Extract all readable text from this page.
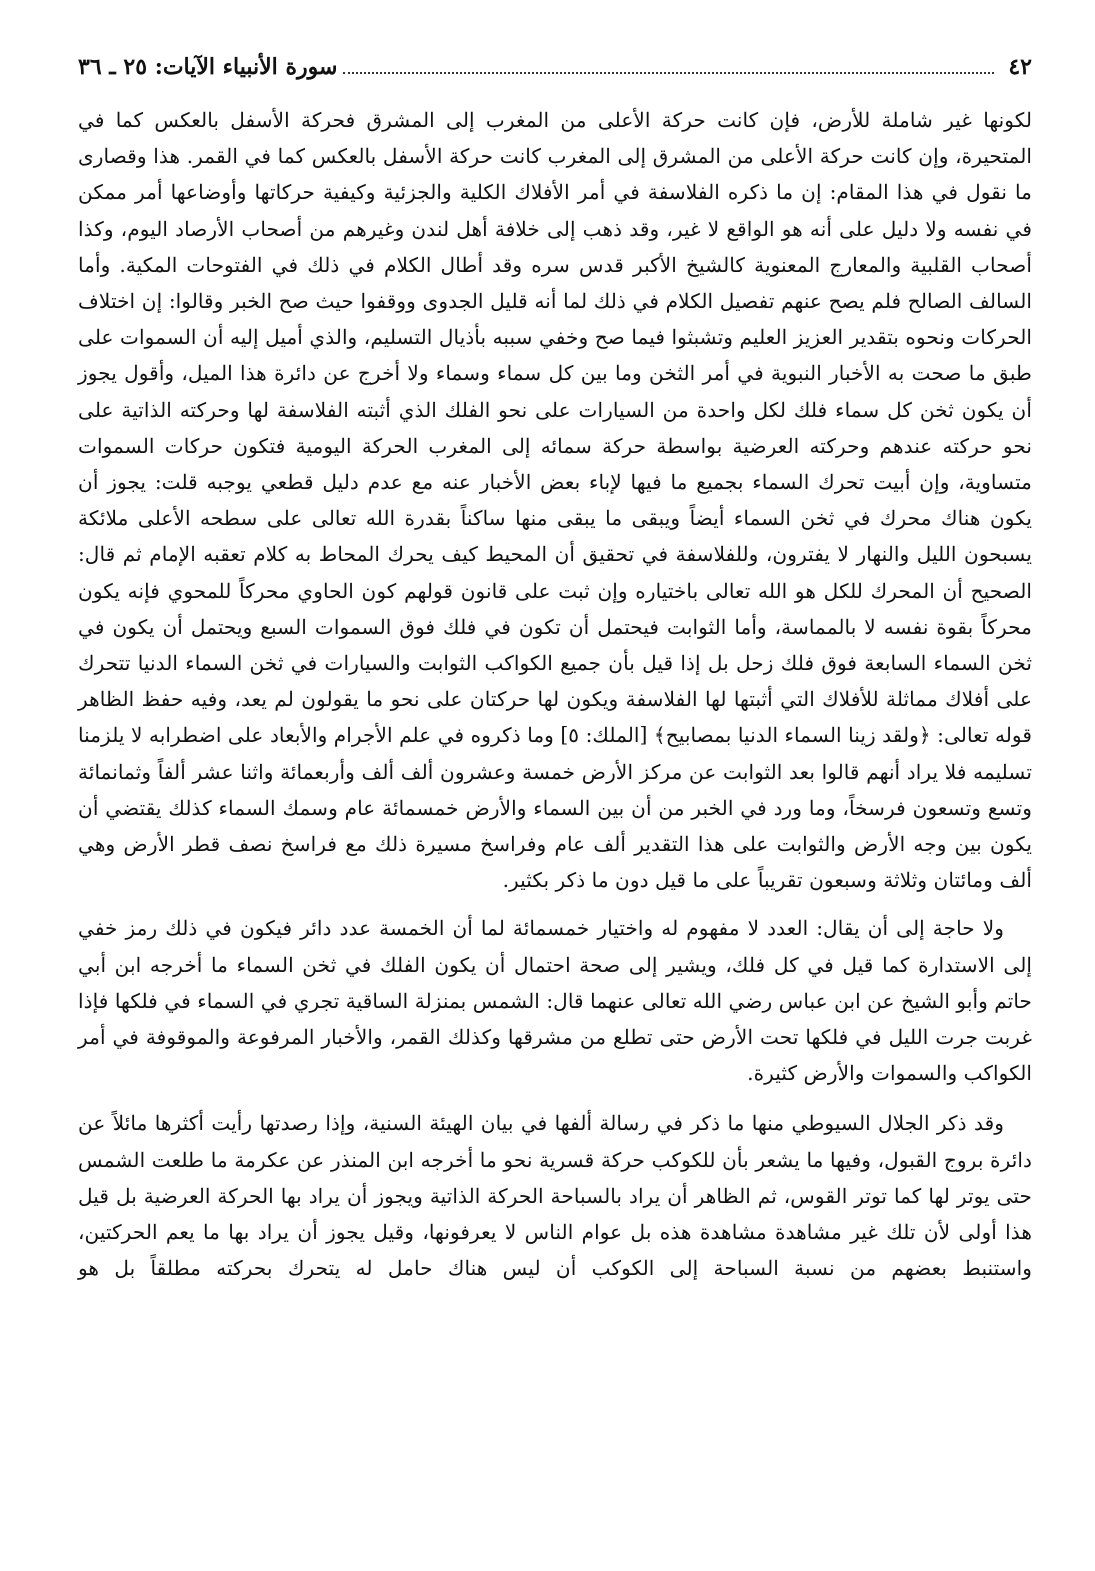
٤٢
سورة الأنبياء الآيات: ٢٥ ـ ٣٦

لكونها غير شاملة للأرض، فإن كانت حركة الأعلى من المغرب إلى المشرق فحركة الأسفل بالعكس كما في المتحيرة، وإن كانت حركة الأعلى من المشرق إلى المغرب كانت حركة الأسفل بالعكس كما في القمر. هذا وقصارى ما نقول في هذا المقام: إن ما ذكره الفلاسفة في أمر الأفلاك الكلية والجزئية وكيفية حركاتها وأوضاعها أمر ممكن في نفسه ولا دليل على أنه هو الواقع لا غير، وقد ذهب إلى خلافة أهل لندن وغيرهم من أصحاب الأرصاد اليوم، وكذا أصحاب القلبية والمعارج المعنوية كالشيخ الأكبر قدس سره وقد أطال الكلام في ذلك في الفتوحات المكية. وأما السالف الصالح فلم يصح عنهم تفصيل الكلام في ذلك لما أنه قليل الجدوى ووقفوا حيث صح الخبر وقالوا: إن اختلاف الحركات ونحوه بتقدير العزيز العليم وتشبثوا فيما صح وخفي سببه بأذيال التسليم، والذي أميل إليه أن السموات على طبق ما صحت به الأخبار النبوية في أمر الثخن وما بين كل سماء وسماء ولا أخرج عن دائرة هذا الميل، وأقول يجوز أن يكون ثخن كل سماء فلك لكل واحدة من السيارات على نحو الفلك الذي أثبته الفلاسفة لها وحركته الذاتية على نحو حركته عندهم وحركته العرضية بواسطة حركة سمائه إلى المغرب الحركة اليومية فتكون حركات السموات متساوية، وإن أبيت تحرك السماء بجميع ما فيها لإباء بعض الأخبار عنه مع عدم دليل قطعي يوجبه قلت: يجوز أن يكون هناك محرك في ثخن السماء أيضاً ويبقى ما يبقى منها ساكناً بقدرة الله تعالى على سطحه الأعلى ملائكة يسبحون الليل والنهار لا يفترون، وللفلاسفة في تحقيق أن المحيط كيف يحرك المحاط به كلام تعقبه الإمام ثم قال: الصحيح أن المحرك للكل هو الله تعالى باختياره وإن ثبت على قانون قولهم كون الحاوي محركاً للمحوي فإنه يكون محركاً بقوة نفسه لا بالمماسة، وأما الثوابت فيحتمل أن تكون في فلك فوق السموات السبع ويحتمل أن يكون في ثخن السماء السابعة فوق فلك زحل بل إذا قيل بأن جميع الكواكب الثوابت والسيارات في ثخن السماء الدنيا تتحرك على أفلاك مماثلة للأفلاك التي أثبتها لها الفلاسفة ويكون لها حركتان على نحو ما يقولون لم يعد، وفيه حفظ الظاهر قوله تعالى: ﴿ولقد زينا السماء الدنيا بمصابيح﴾ [الملك: ٥] وما ذكروه في علم الأجرام والأبعاد على اضطرابه لا يلزمنا تسليمه فلا يراد أنهم قالوا بعد الثوابت عن مركز الأرض خمسة وعشرون ألف ألف وأربعمائة واثنا عشر ألفاً وثمانمائة وتسع وتسعون فرسخاً، وما ورد في الخبر من أن بين السماء والأرض خمسمائة عام وسمك السماء كذلك يقتضي أن يكون بين وجه الأرض والثوابت على هذا التقدير ألف عام وفراسخ مسيرة ذلك مع فراسخ نصف قطر الأرض وهي ألف ومائتان وثلاثة وسبعون تقريباً على ما قيل دون ما ذكر بكثير.

ولا حاجة إلى أن يقال: العدد لا مفهوم له واختيار خمسمائة لما أن الخمسة عدد دائر فيكون في ذلك رمز خفي إلى الاستدارة كما قيل في كل فلك، ويشير إلى صحة احتمال أن يكون الفلك في ثخن السماء ما أخرجه ابن أبي حاتم وأبو الشيخ عن ابن عباس رضي الله تعالى عنهما قال: الشمس بمنزلة الساقية تجري في السماء في فلكها فإذا غربت جرت الليل في فلكها تحت الأرض حتى تطلع من مشرقها وكذلك القمر، والأخبار المرفوعة والموقوفة في أمر الكواكب والسموات والأرض كثيرة.

وقد ذكر الجلال السيوطي منها ما ذكر في رسالة ألفها في بيان الهيئة السنية، وإذا رصدتها رأيت أكثرها مائلاً عن دائرة بروج القبول، وفيها ما يشعر بأن للكوكب حركة قسرية نحو ما أخرجه ابن المنذر عن عكرمة ما طلعت الشمس حتى يوتر لها كما توتر القوس، ثم الظاهر أن يراد بالسباحة الحركة الذاتية ويجوز أن يراد بها الحركة العرضية بل قيل هذا أولى لأن تلك غير مشاهدة مشاهدة هذه بل عوام الناس لا يعرفونها، وقيل يجوز أن يراد بها ما يعم الحركتين، واستنبط بعضهم من نسبة السباحة إلى الكوكب أن ليس هناك حامل له يتحرك بحركته مطلقاً بل هو
